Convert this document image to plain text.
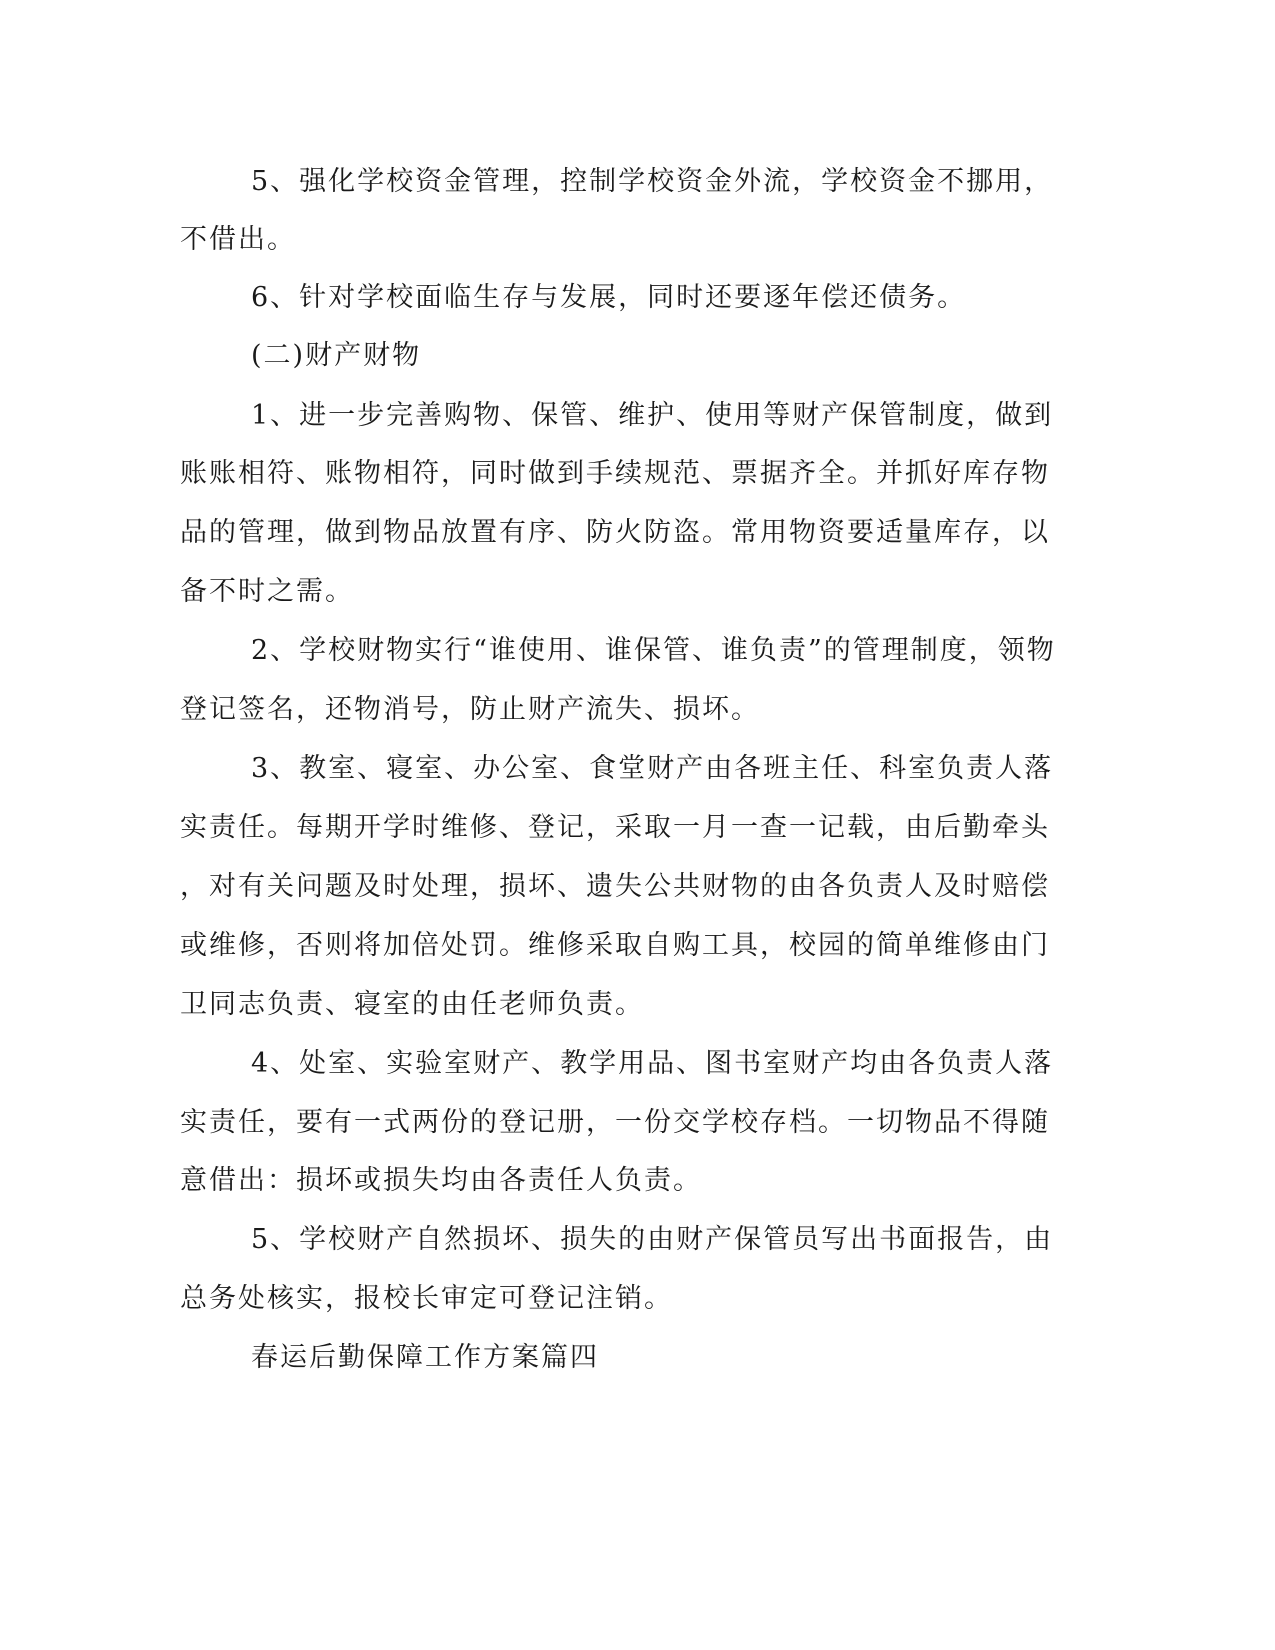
5、强化学校资金管理，控制学校资金外流，学校资金不挪用，
不借出。
6、针对学校面临生存与发展，同时还要逐年偿还债务。
(二)财产财物
1、进一步完善购物、保管、维护、使用等财产保管制度，做到
账账相符、账物相符，同时做到手续规范、票据齐全。并抓好库存物
品的管理，做到物品放置有序、防火防盗。常用物资要适量库存，以
备不时之需。
2、学校财物实行“谁使用、谁保管、谁负责”的管理制度，领物
登记签名，还物消号，防止财产流失、损坏。
3、教室、寝室、办公室、食堂财产由各班主任、科室负责人落
实责任。每期开学时维修、登记，采取一月一查一记载，由后勤牵头
，对有关问题及时处理，损坏、遗失公共财物的由各负责人及时赔偿
或维修，否则将加倍处罚。维修采取自购工具，校园的简单维修由门
卫同志负责、寝室的由任老师负责。
4、处室、实验室财产、教学用品、图书室财产均由各负责人落
实责任，要有一式两份的登记册，一份交学校存档。一切物品不得随
意借出：损坏或损失均由各责任人负责。
5、学校财产自然损坏、损失的由财产保管员写出书面报告，由
总务处核实，报校长审定可登记注销。
春运后勤保障工作方案篇四
